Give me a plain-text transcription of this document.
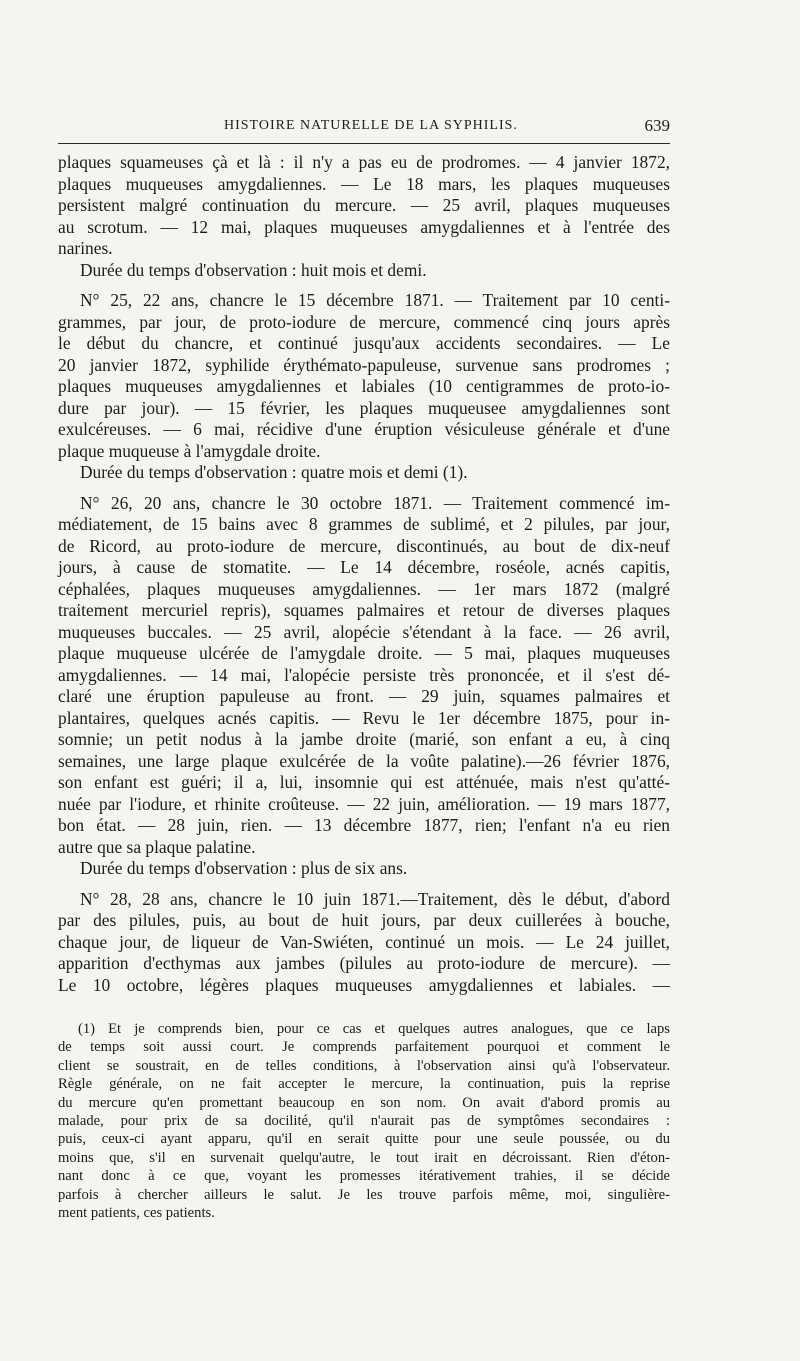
HISTOIRE NATURELLE DE LA SYPHILIS.	639

plaques squameuses çà et là : il n'y a pas eu de prodromes. — 4 janvier 1872,
plaques muqueuses amygdaliennes. — Le 18 mars, les plaques muqueuses
persistent malgré continuation du mercure. — 25 avril, plaques muqueuses
au scrotum. — 12 mai, plaques muqueuses amygdaliennes et à l'entrée des
narines.

Durée du temps d'observation : huit mois et demi.

N° 25, 22 ans, chancre le 15 décembre 1871. — Traitement par 10 centi-
grammes, par jour, de proto-iodure de mercure, commencé cinq jours après
le début du chancre, et continué jusqu'aux accidents secondaires. — Le
20 janvier 1872, syphilide érythémato-papuleuse, survenue sans prodromes ;
plaques muqueuses amygdaliennes et labiales (10 centigrammes de proto-io-
dure par jour). — 15 février, les plaques muqueusee amygdaliennes sont
exulcéreuses. — 6 mai, récidive d'une éruption vésiculeuse générale et d'une
plaque muqueuse à l'amygdale droite.

Durée du temps d'observation : quatre mois et demi (1).

N° 26, 20 ans, chancre le 30 octobre 1871. — Traitement commencé im-
médiatement, de 15 bains avec 8 grammes de sublimé, et 2 pilules, par jour,
de Ricord, au proto-iodure de mercure, discontinués, au bout de dix-neuf
jours, à cause de stomatite. — Le 14 décembre, roséole, acnés capitis,
céphalées, plaques muqueuses amygdaliennes. — 1er mars 1872 (malgré
traitement mercuriel repris), squames palmaires et retour de diverses plaques
muqueuses buccales. — 25 avril, alopécie s'étendant à la face. — 26 avril,
plaque muqueuse ulcérée de l'amygdale droite. — 5 mai, plaques muqueuses
amygdaliennes. — 14 mai, l'alopécie persiste très prononcée, et il s'est dé-
claré une éruption papuleuse au front. — 29 juin, squames palmaires et
plantaires, quelques acnés capitis. — Revu le 1er décembre 1875, pour in-
somnie; un petit nodus à la jambe droite (marié, son enfant a eu, à cinq
semaines, une large plaque exulcérée de la voûte palatine).—26 février 1876,
son enfant est guéri; il a, lui, insomnie qui est atténuée, mais n'est qu'atté-
nuée par l'iodure, et rhinite croûteuse. — 22 juin, amélioration. — 19 mars 1877,
bon état. — 28 juin, rien. — 13 décembre 1877, rien; l'enfant n'a eu rien
autre que sa plaque palatine.

Durée du temps d'observation : plus de six ans.

N° 28, 28 ans, chancre le 10 juin 1871.—Traitement, dès le début, d'abord
par des pilules, puis, au bout de huit jours, par deux cuillerées à bouche,
chaque jour, de liqueur de Van-Swiéten, continué un mois. — Le 24 juillet,
apparition d'ecthymas aux jambes (pilules au proto-iodure de mercure). —
Le 10 octobre, légères plaques muqueuses amygdaliennes et labiales. —

(1) Et je comprends bien, pour ce cas et quelques autres analogues, que ce laps
de temps soit aussi court. Je comprends parfaitement pourquoi et comment le
client se soustrait, en de telles conditions, à l'observation ainsi qu'à l'observateur.
Règle générale, on ne fait accepter le mercure, la continuation, puis la reprise
du mercure qu'en promettant beaucoup en son nom. On avait d'abord promis au
malade, pour prix de sa docilité, qu'il n'aurait pas de symptômes secondaires :
puis, ceux-ci ayant apparu, qu'il en serait quitte pour une seule poussée, ou du
moins que, s'il en survenait quelqu'autre, le tout irait en décroissant. Rien d'éton-
nant donc à ce que, voyant les promesses itérativement trahies, il se décide
parfois à chercher ailleurs le salut. Je les trouve parfois même, moi, singulière-
ment patients, ces patients.
